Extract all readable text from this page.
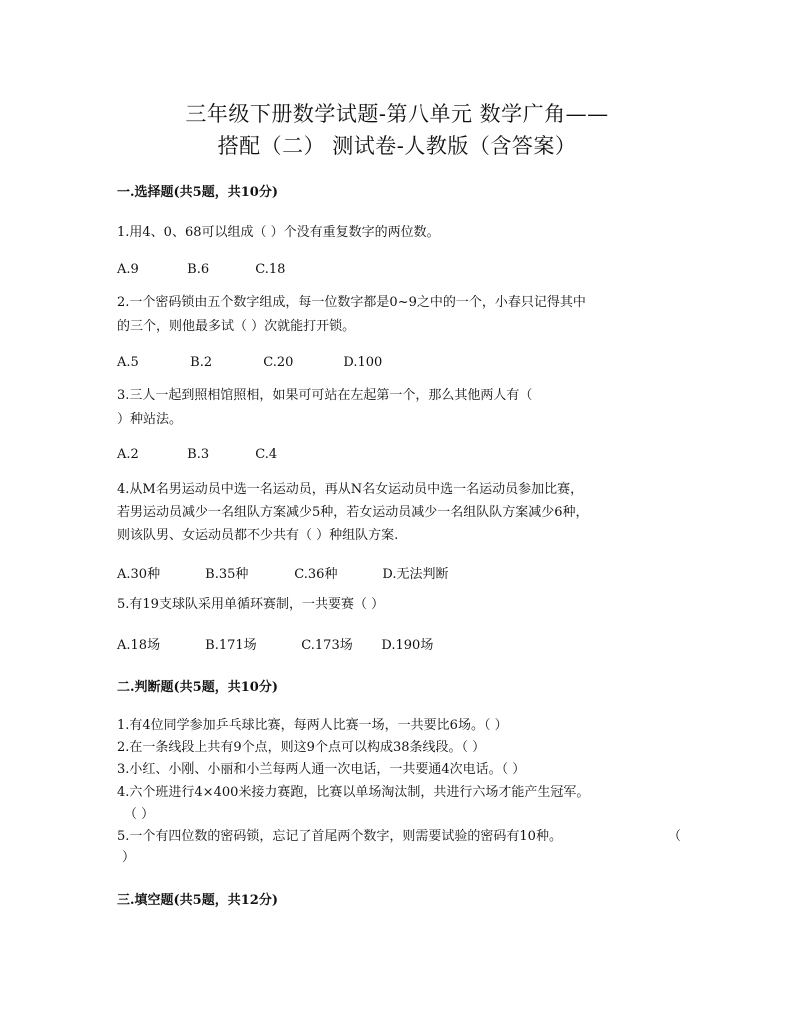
三年级下册数学试题-第八单元 数学广角——
搭配（二） 测试卷-人教版（含答案）
一.选择题(共5题，共10分)
1.用4、0、68可以组成（ ）个没有重复数字的两位数。
A.9	B.6	C.18
2.一个密码锁由五个数字组成，每一位数字都是0~9之中的一个，小春只记得其中
的三个，则他最多试（ ）次就能打开锁。
A.5	B.2	C.20	D.100
3.三人一起到照相馆照相，如果可可站在左起第一个，那么其他两人有（
）种站法。
A.2	B.3	C.4
4.从M名男运动员中选一名运动员，再从N名女运动员中选一名运动员参加比赛，
若男运动员减少一名组队方案减少5种，若女运动员减少一名组队队方案减少6种，
则该队男、女运动员都不少共有（ ）种组队方案.
A.30种	B.35种	C.36种	D.无法判断
5.有19支球队采用单循环赛制，一共要赛（ ）
A.18场	B.171场	C.173场 D.190场
二.判断题(共5题，共10分)
1.有4位同学参加乒乓球比赛，每两人比赛一场，一共要比6场。（ ）
2.在一条线段上共有9个点，则这9个点可以构成38条线段。（ ）
3.小红、小刚、小丽和小兰每两人通一次电话，一共要通4次电话。（ ）
4.六个班进行4×400米接力赛跑，比赛以单场淘汰制，共进行六场才能产生冠军。
（ ）
5.一个有四位数的密码锁，忘记了首尾两个数字，则需要试验的密码有10种。	（
）
三.填空题(共5题，共12分)
